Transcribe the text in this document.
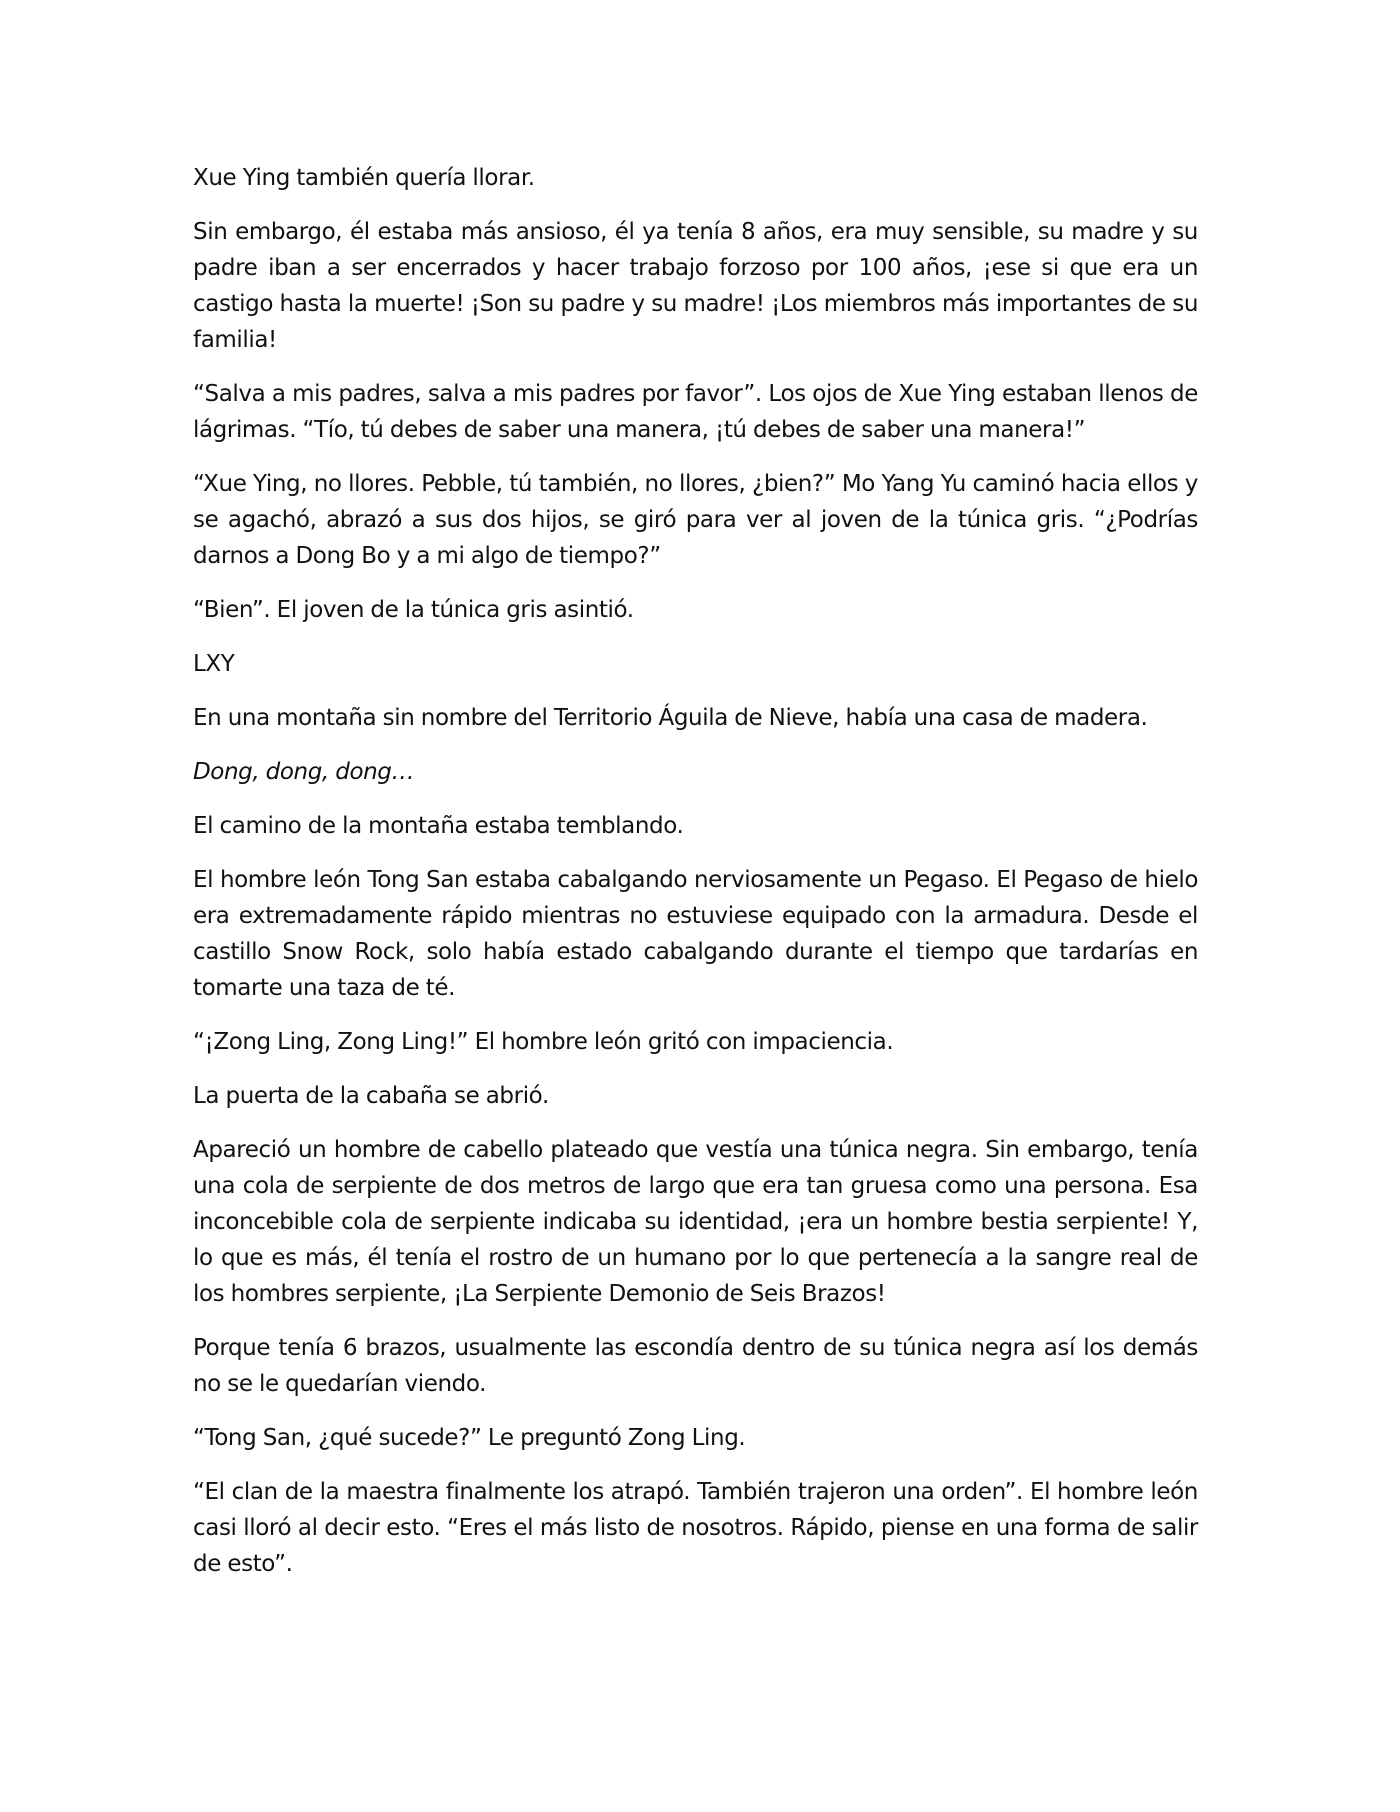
Xue Ying también quería llorar.

Sin embargo, él estaba más ansioso, él ya tenía 8 años, era muy sensible, su madre y su padre iban a ser encerrados y hacer trabajo forzoso por 100 años, ¡ese si que era un castigo hasta la muerte! ¡Son su padre y su madre! ¡Los miembros más importantes de su familia!

“Salva a mis padres, salva a mis padres por favor”. Los ojos de Xue Ying estaban llenos de lágrimas. “Tío, tú debes de saber una manera, ¡tú debes de saber una manera!”

“Xue Ying, no llores. Pebble, tú también, no llores, ¿bien?” Mo Yang Yu caminó hacia ellos y se agachó, abrazó a sus dos hijos, se giró para ver al joven de la túnica gris. “¿Podrías darnos a Dong Bo y a mi algo de tiempo?”

“Bien”. El joven de la túnica gris asintió.

LXY

En una montaña sin nombre del Territorio Águila de Nieve, había una casa de madera.

Dong, dong, dong…

El camino de la montaña estaba temblando.

El hombre león Tong San estaba cabalgando nerviosamente un Pegaso. El Pegaso de hielo era extremadamente rápido mientras no estuviese equipado con la armadura. Desde el castillo Snow Rock, solo había estado cabalgando durante el tiempo que tardarías en tomarte una taza de té.

“¡Zong Ling, Zong Ling!” El hombre león gritó con impaciencia.

La puerta de la cabaña se abrió.

Apareció un hombre de cabello plateado que vestía una túnica negra. Sin embargo, tenía una cola de serpiente de dos metros de largo que era tan gruesa como una persona. Esa inconcebible cola de serpiente indicaba su identidad, ¡era un hombre bestia serpiente! Y, lo que es más, él tenía el rostro de un humano por lo que pertenecía a la sangre real de los hombres serpiente, ¡La Serpiente Demonio de Seis Brazos!

Porque tenía 6 brazos, usualmente las escondía dentro de su túnica negra así los demás no se le quedarían viendo.

“Tong San, ¿qué sucede?” Le preguntó Zong Ling.

“El clan de la maestra finalmente los atrapó. También trajeron una orden”. El hombre león casi lloró al decir esto. “Eres el más listo de nosotros. Rápido, piense en una forma de salir de esto”.
